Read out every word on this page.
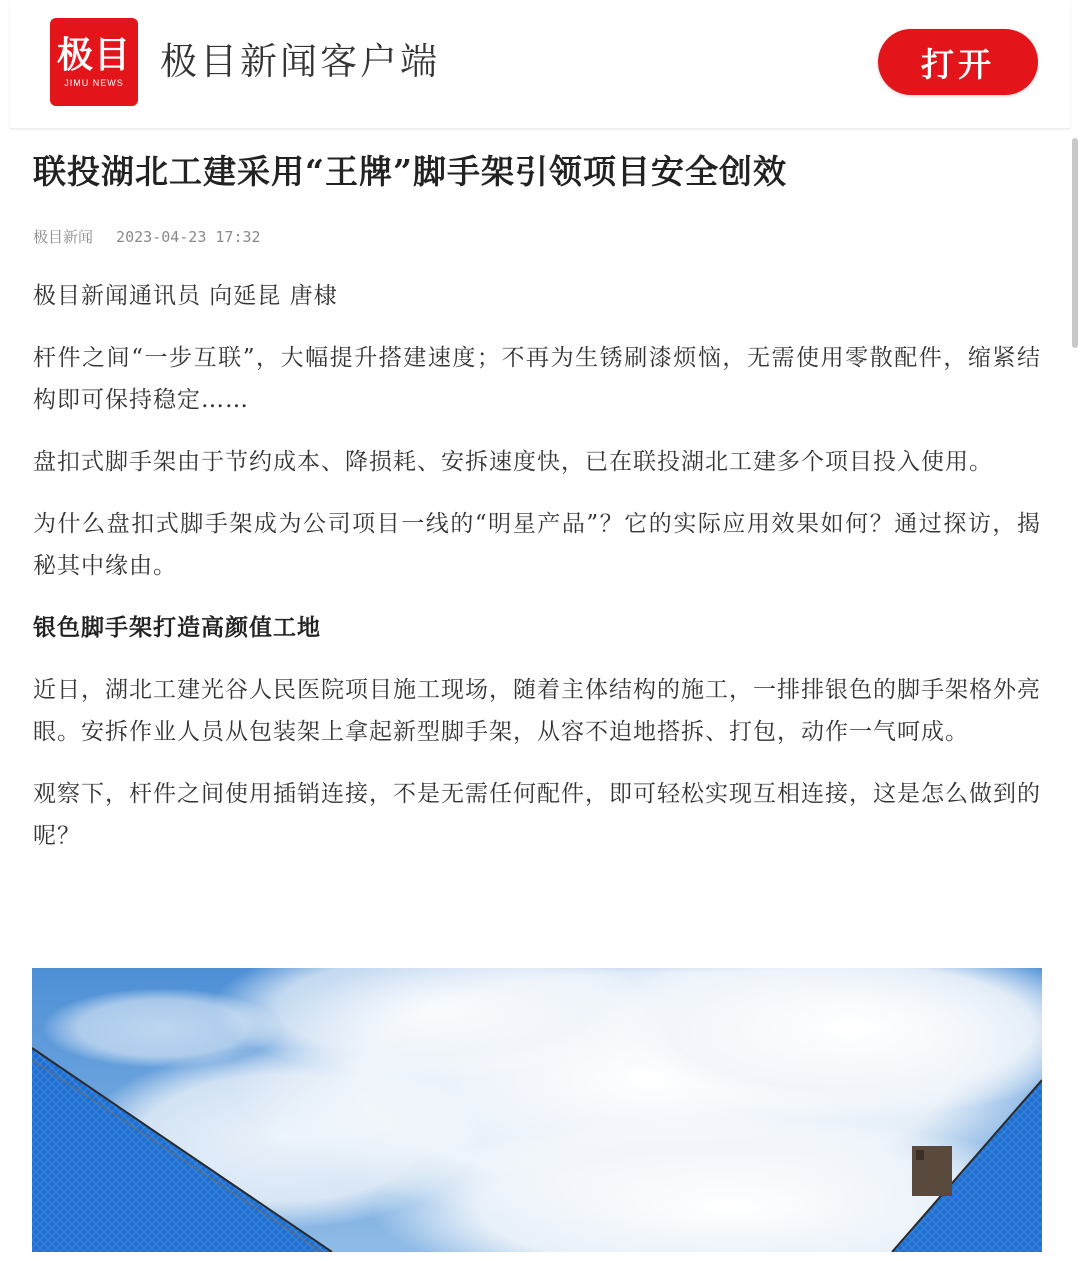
极目
JIMU NEWS 极目新闻客户端	打开
联投湖北工建采用“王牌”脚手架引领项目安全创效
极目新闻 2023-04-23 17:32

极目新闻通讯员 向延昆 唐棣

杆件之间“一步互联”，大幅提升搭建速度；不再为生锈刷漆烦恼，无需使用零散配件，缩紧结构即可保持稳定……

盘扣式脚手架由于节约成本、降损耗、安拆速度快，已在联投湖北工建多个项目投入使用。

为什么盘扣式脚手架成为公司项目一线的“明星产品”？它的实际应用效果如何？通过探访，揭秘其中缘由。

银色脚手架打造高颜值工地

近日，湖北工建光谷人民医院项目施工现场，随着主体结构的施工，一排排银色的脚手架格外亮眼。安拆作业人员从包装架上拿起新型脚手架，从容不迫地搭拆、打包，动作一气呵成。

观察下，杆件之间使用插销连接，不是无需任何配件，即可轻松实现互相连接，这是怎么做到的呢？
